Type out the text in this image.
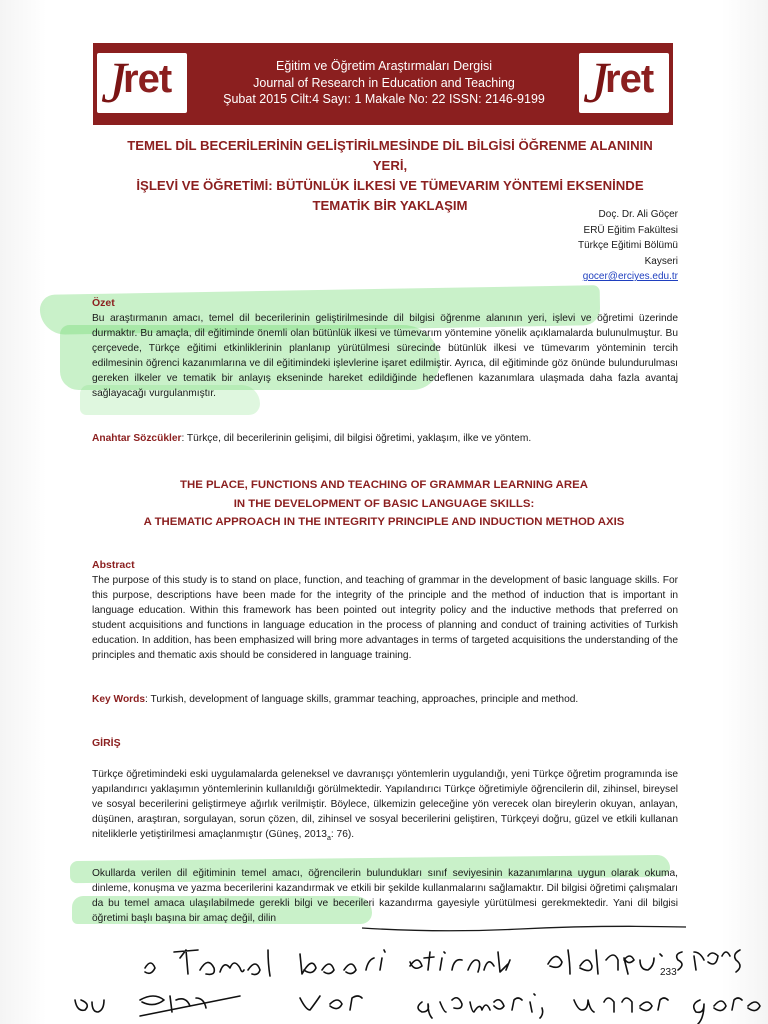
J
ret	J
ret
Eğitim ve Öğretim Araştırmaları Dergisi
Journal of Research in Education and Teaching
Şubat 2015 Cilt:4 Sayı: 1 Makale No: 22 ISSN: 2146-9199
TEMEL DİL BECERİLERİNİN GELİŞTİRİLMESİNDE DİL BİLGİSİ ÖĞRENME ALANININ YERİ,
İŞLEVİ VE ÖĞRETİMİ: BÜTÜNLÜK İLKESİ VE TÜMEVARIM YÖNTEMİ EKSENİNDE
TEMATİK BİR YAKLAŞIM
Doç. Dr. Ali Göçer
ERÜ Eğitim Fakültesi
Türkçe Eğitimi Bölümü
Kayseri
gocer@erciyes.edu.tr
Özet

Bu araştırmanın amacı, temel dil becerilerinin geliştirilmesinde dil bilgisi öğrenme alanının yeri, işlevi ve öğretimi üzerinde durmaktır. Bu amaçla, dil eğitiminde önemli olan bütünlük ilkesi ve tümevarım yöntemine yönelik açıklamalarda bulunulmuştur. Bu çerçevede, Türkçe eğitimi etkinliklerinin planlanıp yürütülmesi sürecinde bütünlük ilkesi ve tümevarım yönteminin tercih edilmesinin öğrenci kazanımlarına ve dil eğitimindeki işlevlerine işaret edilmiştir. Ayrıca, dil eğitiminde göz önünde bulundurulması gereken ilkeler ve tematik bir anlayış ekseninde hareket edildiğinde hedeflenen kazanımlara ulaşmada daha fazla avantaj sağlayacağı vurgulanmıştır.

Anahtar Sözcükler: Türkçe, dil becerilerinin gelişimi, dil bilgisi öğretimi, yaklaşım, ilke ve yöntem.
THE PLACE, FUNCTIONS AND TEACHING OF GRAMMAR LEARNING AREA
IN THE DEVELOPMENT OF BASIC LANGUAGE SKILLS:
A THEMATIC APPROACH IN THE INTEGRITY PRINCIPLE AND INDUCTION METHOD AXIS
Abstract

The purpose of this study is to stand on place, function, and teaching of grammar in the development of basic language skills. For this purpose, descriptions have been made for the integrity of the principle and the method of induction that is important in language education. Within this framework has been pointed out integrity policy and the inductive methods that preferred on student acquisitions and functions in language education in the process of planning and conduct of training activities of Turkish education. In addition, has been emphasized will bring more advantages in terms of targeted acquisitions the understanding of the principles and thematic axis should be considered in language training.

Key Words: Turkish, development of language skills, grammar teaching, approaches, principle and method.
GİRİŞ

Türkçe öğretimindeki eski uygulamalarda geleneksel ve davranışçı yöntemlerin uygulandığı, yeni Türkçe öğretim programında ise yapılandırıcı yaklaşımın yöntemlerinin kullanıldığı görülmektedir. Yapılandırıcı Türkçe öğretimiyle öğrencilerin dil, zihinsel, bireysel ve sosyal becerilerini geliştirmeye ağırlık verilmiştir. Böylece, ülkemizin geleceğine yön verecek olan bireylerin okuyan, anlayan, düşünen, araştıran, sorgulayan, sorun çözen, dil, zihinsel ve sosyal becerilerini geliştiren, Türkçeyi doğru, güzel ve etkili kullanan niteliklerle yetiştirilmesi amaçlanmıştır (Güneş, $2013_a$: 76).

Okullarda verilen dil eğitiminin temel amacı, öğrencilerin bulundukları sınıf seviyesinin kazanımlarına uygun olarak okuma, dinleme, konuşma ve yazma becerilerini kazandırmak ve etkili bir şekilde kullanmalarını sağlamaktır. Dil bilgisi öğretimi çalışmaları da bu temel amaca ulaşılabilmede gerekli bilgi ve becerileri kazandırma gayesiyle yürütülmesi gerekmektedir. Yani dil bilgisi öğretimi başlı başına bir amaç değil, dilin

233
